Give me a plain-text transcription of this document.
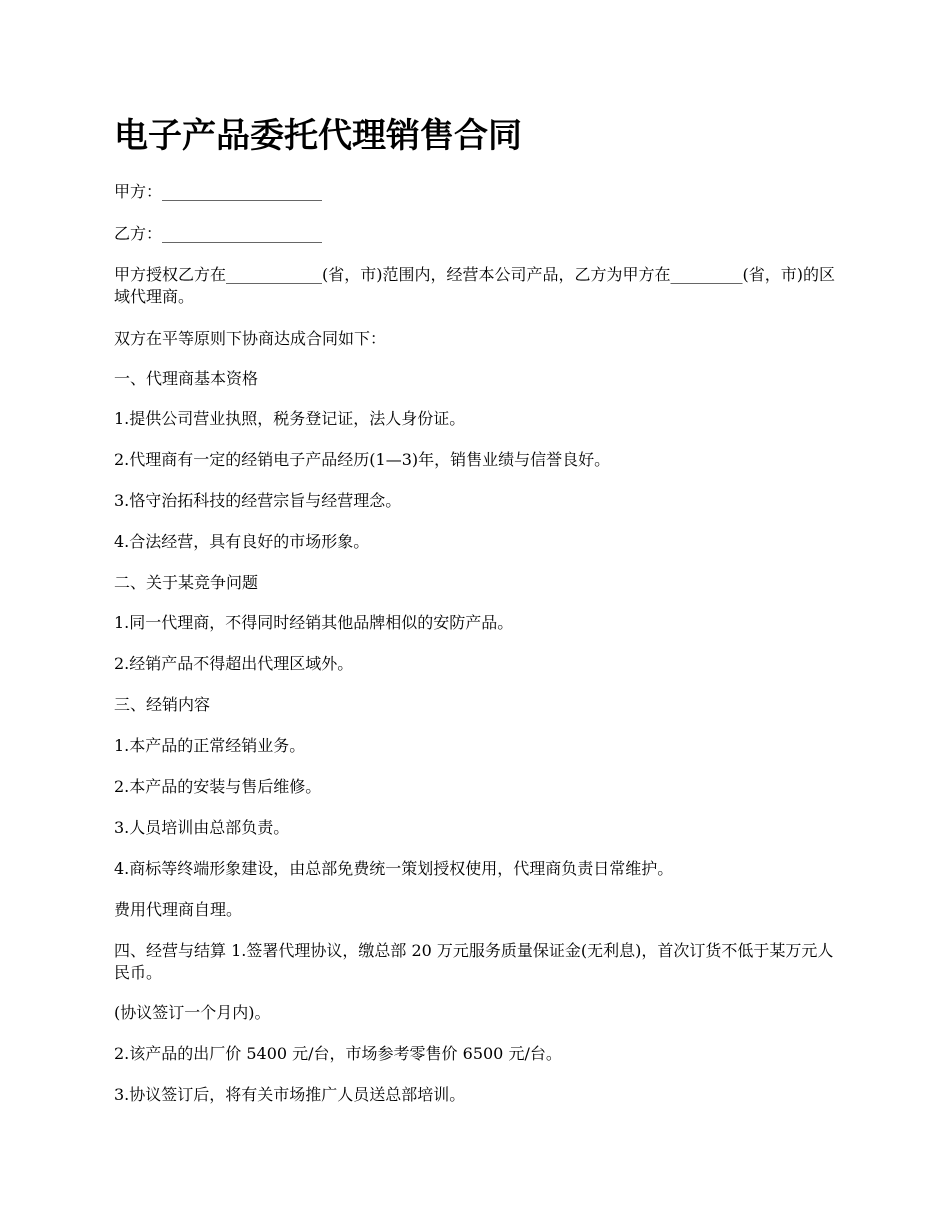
电子产品委托代理销售合同
甲方：____________________
乙方：____________________
甲方授权乙方在____________(省，市)范围内，经营本公司产品，乙方为甲方在_________(省，市)的区域代理商。
双方在平等原则下协商达成合同如下：
一、代理商基本资格
1.提供公司营业执照，税务登记证，法人身份证。
2.代理商有一定的经销电子产品经历(1—3)年，销售业绩与信誉良好。
3.恪守治拓科技的经营宗旨与经营理念。
4.合法经营，具有良好的市场形象。
二、关于某竞争问题
1.同一代理商，不得同时经销其他品牌相似的安防产品。
2.经销产品不得超出代理区域外。
三、经销内容
1.本产品的正常经销业务。
2.本产品的安装与售后维修。
3.人员培训由总部负责。
4.商标等终端形象建设，由总部免费统一策划授权使用，代理商负责日常维护。
费用代理商自理。
四、经营与结算 1.签署代理协议，缴总部 20 万元服务质量保证金(无利息)，首次订货不低于某万元人民币。
(协议签订一个月内)。
2.该产品的出厂价 5400 元/台，市场参考零售价 6500 元/台。
3.协议签订后，将有关市场推广人员送总部培训。
